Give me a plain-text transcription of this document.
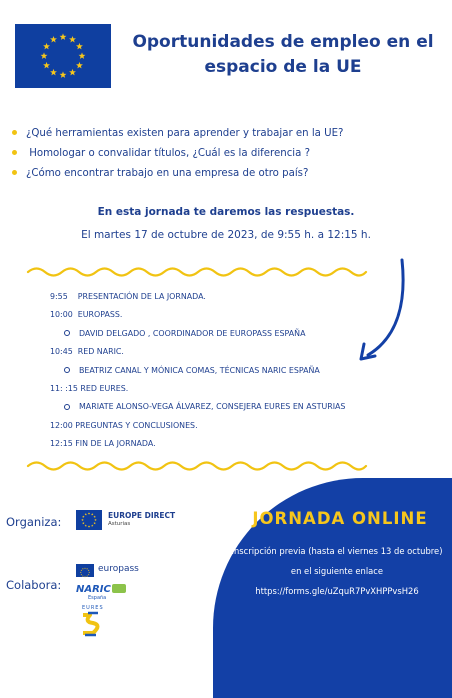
Oportunidades de empleo en el
espacio de la UE
¿Qué herramientas existen para aprender y trabajar en la UE?
Homologar o convalidar títulos, ¿Cuál es la diferencia ?
¿Cómo encontrar trabajo en una empresa de otro país?
En esta jornada te daremos las respuestas.
El martes 17 de octubre de 2023, de 9:55 h. a 12:15 h.
9:55    PRESENTACIÓN DE LA JORNADA.
10:00  EUROPASS.
DAVID DELGADO , COORDINADOR DE EUROPASS ESPAÑA
10:45  RED NARIC.
BEATRIZ CANAL Y MÓNICA COMAS, TÉCNICAS NARIC ESPAÑA
11: :15 RED EURES.
MARIATE ALONSO-VEGA ÁLVAREZ, CONSEJERA EURES EN ASTURIAS
12:00 PREGUNTAS Y CONCLUSIONES.
12:15 FIN DE LA JORNADA.
JORNADA ONLINE
Inscripción previa (hasta el viernes 13 de octubre)
en el siguiente enlace
https://forms.gle/uZquR7PvXHPPvsH26
Organiza:	EUROPE DIRECT
Asturias
Colabora:
europass
NARIC
España
EURES
